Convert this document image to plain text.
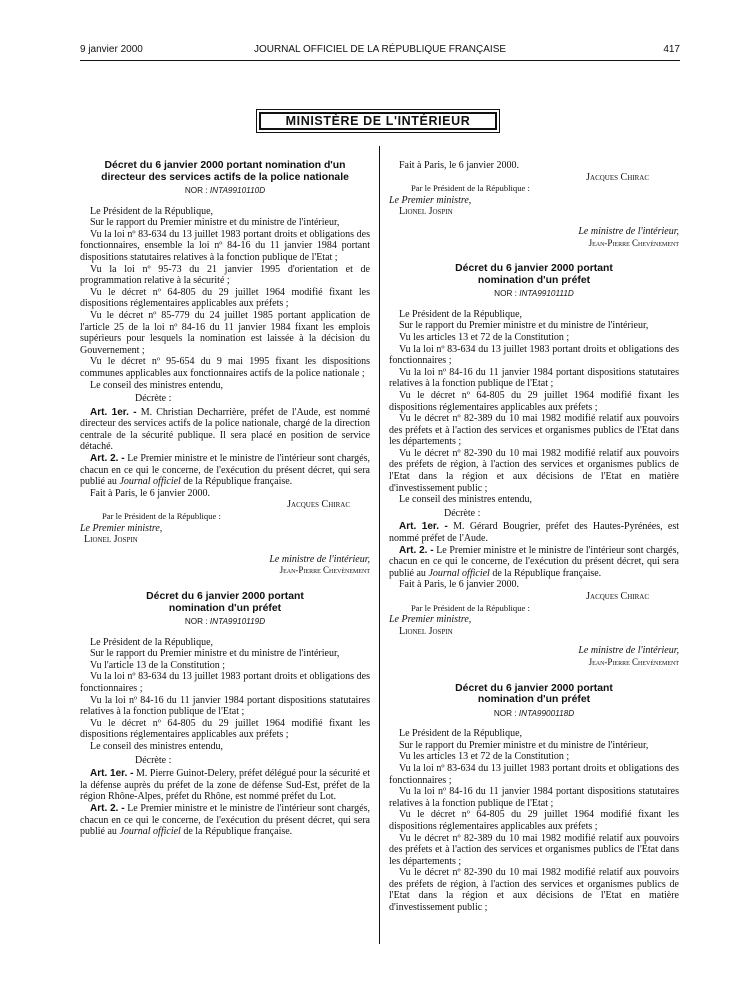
9 janvier 2000	JOURNAL OFFICIEL DE LA RÉPUBLIQUE FRANÇAISE	417
MINISTÈRE DE L'INTÉRIEUR

Décret du 6 janvier 2000 portant nomination d'un directeur des services actifs de la police nationale

NOR : INTA9910110D

Le Président de la République,

Sur le rapport du Premier ministre et du ministre de l'intérieur,

Vu la loi nº 83-634 du 13 juillet 1983 portant droits et obligations des fonctionnaires, ensemble la loi nº 84-16 du 11 janvier 1984 portant dispositions statutaires relatives à la fonction publique de l'Etat ;

Vu la loi nº 95-73 du 21 janvier 1995 d'orientation et de programmation relative à la sécurité ;

Vu le décret nº 64-805 du 29 juillet 1964 modifié fixant les dispositions réglementaires applicables aux préfets ;

Vu le décret nº 85-779 du 24 juillet 1985 portant application de l'article 25 de la loi nº 84-16 du 11 janvier 1984 fixant les emplois supérieurs pour lesquels la nomination est laissée à la décision du Gouvernement ;

Vu le décret nº 95-654 du 9 mai 1995 fixant les dispositions communes applicables aux fonctionnaires actifs de la police nationale ;

Le conseil des ministres entendu,

Décrète :

Art. 1er. - M. Christian Decharrière, préfet de l'Aude, est nommé directeur des services actifs de la police nationale, chargé de la direction centrale de la sécurité publique. Il sera placé en position de service détaché.

Art. 2. - Le Premier ministre et le ministre de l'intérieur sont chargés, chacun en ce qui le concerne, de l'exécution du présent décret, qui sera publié au Journal officiel de la République française.

Fait à Paris, le 6 janvier 2000.

Jacques Chirac

Par le Président de la République :

Le Premier ministre,

Lionel Jospin

Le ministre de l'intérieur,

Jean-Pierre Chevènement

Décret du 6 janvier 2000 portant nomination d'un préfet

NOR : INTA9910119D

Le Président de la République,

Sur le rapport du Premier ministre et du ministre de l'intérieur,

Vu l'article 13 de la Constitution ;

Vu la loi nº 83-634 du 13 juillet 1983 portant droits et obligations des fonctionnaires ;

Vu la loi nº 84-16 du 11 janvier 1984 portant dispositions statutaires relatives à la fonction publique de l'Etat ;

Vu le décret nº 64-805 du 29 juillet 1964 modifié fixant les dispositions réglementaires applicables aux préfets ;

Le conseil des ministres entendu,

Décrète :

Art. 1er. - M. Pierre Guinot-Delery, préfet délégué pour la sécurité et la défense auprès du préfet de la zone de défense Sud-Est, préfet de la région Rhône-Alpes, préfet du Rhône, est nommé préfet du Lot.

Art. 2. - Le Premier ministre et le ministre de l'intérieur sont chargés, chacun en ce qui le concerne, de l'exécution du présent décret, qui sera publié au Journal officiel de la République française.

Fait à Paris, le 6 janvier 2000.

Jacques Chirac

Par le Président de la République :

Le Premier ministre,

Lionel Jospin

Le ministre de l'intérieur,

Jean-Pierre Chevènement

Décret du 6 janvier 2000 portant nomination d'un préfet

NOR : INTA9910111D

Le Président de la République,

Sur le rapport du Premier ministre et du ministre de l'intérieur,

Vu les articles 13 et 72 de la Constitution ;

Vu la loi nº 83-634 du 13 juillet 1983 portant droits et obligations des fonctionnaires ;

Vu la loi nº 84-16 du 11 janvier 1984 portant dispositions statutaires relatives à la fonction publique de l'Etat ;

Vu le décret nº 64-805 du 29 juillet 1964 modifié fixant les dispositions réglementaires applicables aux préfets ;

Vu le décret nº 82-389 du 10 mai 1982 modifié relatif aux pouvoirs des préfets et à l'action des services et organismes publics de l'Etat dans les départements ;

Vu le décret nº 82-390 du 10 mai 1982 modifié relatif aux pouvoirs des préfets de région, à l'action des services et organismes publics de l'Etat dans la région et aux décisions de l'Etat en matière d'investissement public ;

Le conseil des ministres entendu,

Décrète :

Art. 1er. - M. Gérard Bougrier, préfet des Hautes-Pyrénées, est nommé préfet de l'Aude.

Art. 2. - Le Premier ministre et le ministre de l'intérieur sont chargés, chacun en ce qui le concerne, de l'exécution du présent décret, qui sera publié au Journal officiel de la République française.

Fait à Paris, le 6 janvier 2000.

Jacques Chirac

Par le Président de la République :

Le Premier ministre,

Lionel Jospin

Le ministre de l'intérieur,

Jean-Pierre Chevènement

Décret du 6 janvier 2000 portant nomination d'un préfet

NOR : INTA9900118D

Le Président de la République,

Sur le rapport du Premier ministre et du ministre de l'intérieur,

Vu les articles 13 et 72 de la Constitution ;

Vu la loi nº 83-634 du 13 juillet 1983 portant droits et obligations des fonctionnaires ;

Vu la loi nº 84-16 du 11 janvier 1984 portant dispositions statutaires relatives à la fonction publique de l'Etat ;

Vu le décret nº 64-805 du 29 juillet 1964 modifié fixant les dispositions réglementaires applicables aux préfets ;

Vu le décret nº 82-389 du 10 mai 1982 modifié relatif aux pouvoirs des préfets et à l'action des services et organismes publics de l'Etat dans les départements ;

Vu le décret nº 82-390 du 10 mai 1982 modifié relatif aux pouvoirs des préfets de région, à l'action des services et organismes publics de l'Etat dans la région et aux décisions de l'Etat en matière d'investissement public ;
